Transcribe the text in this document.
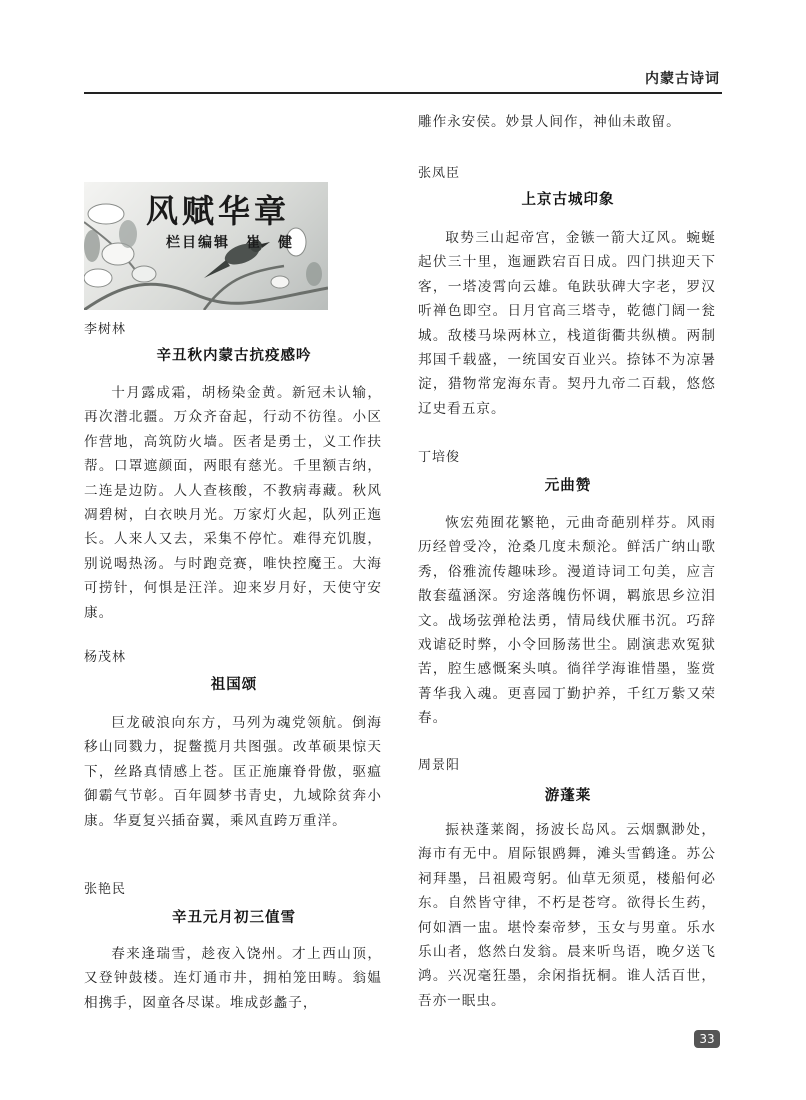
内蒙古诗词
风赋华章
栏目编辑　崔　健
李树林
辛丑秋内蒙古抗疫感吟

十月露成霜，胡杨染金黄。新冠未认输，再次潜北疆。万众齐奋起，行动不彷徨。小区作营地，高筑防火墙。医者是勇士，义工作扶帮。口罩遮颜面，两眼有慈光。千里额吉纳，二连是边防。人人查核酸，不教病毒藏。秋风凋碧树，白衣映月光。万家灯火起，队列正迤长。人来人又去，采集不停忙。难得充饥腹，别说喝热汤。与时跑竞赛，唯快控魔王。大海可捞针，何惧是汪洋。迎来岁月好，天使守安康。

杨茂林
祖国颂

巨龙破浪向东方，马列为魂党领航。倒海移山同戮力，捉鳖揽月共图强。改革硕果惊天下，丝路真情感上苍。匡正施廉脊骨傲，驱瘟御霸气节彰。百年圆梦书青史，九域除贫奔小康。华夏复兴插奋翼，乘风直跨万重洋。

张艳民
辛丑元月初三值雪

春来逢瑞雪，趁夜入饶州。才上西山顶，又登钟鼓楼。连灯通市井，拥柏笼田畴。翁媪相携手，囡童各尽谋。堆成彭蠡子，

雕作永安侯。妙景人间作，神仙未敢留。

张凤臣
上京古城印象

取势三山起帝宫，金镞一箭大辽风。蜿蜒起伏三十里，迤逦跌宕百日成。四门拱迎天下客，一塔凌霄向云雄。龟趺驮碑大字老，罗汉听禅色即空。日月官高三塔寺，乾德门阔一瓮城。敌楼马垛两林立，栈道街衢共纵横。两制邦国千载盛，一统国安百业兴。捺钵不为凉暑淀，猎物常宠海东青。契丹九帝二百载，悠悠辽史看五京。

丁培俊
元曲赞

恢宏苑囿花繁艳，元曲奇葩别样芬。风雨历经曾受冷，沧桑几度未颓沦。鲜活广纳山歌秀，俗雅流传趣味珍。漫道诗词工句美，应言散套蕴涵深。穷途落魄伤怀调，羁旅思乡泣泪文。战场弦弹枪法勇，情局线伏雁书沉。巧辞戏谑砭时弊，小令回肠荡世尘。剧演悲欢冤狱苦，腔生感慨案头嗔。徜徉学海谁惜墨，鉴赏菁华我入魂。更喜园丁勤护养，千红万紫又荣春。

周景阳
游蓬莱

振袂蓬莱阁，扬波长岛风。云烟飘渺处，海市有无中。眉际银鸥舞，滩头雪鹤逢。苏公祠拜墨，吕祖殿弯躬。仙草无须觅，楼船何必东。自然皆守律，不朽是苍穹。欲得长生药，何如酒一盅。堪怜秦帝梦，玉女与男童。乐水乐山者，悠然白发翁。晨来听鸟语，晚夕送飞鸿。兴况毫狂墨，余闲指抚桐。谁人活百世，吾亦一眠虫。

33
